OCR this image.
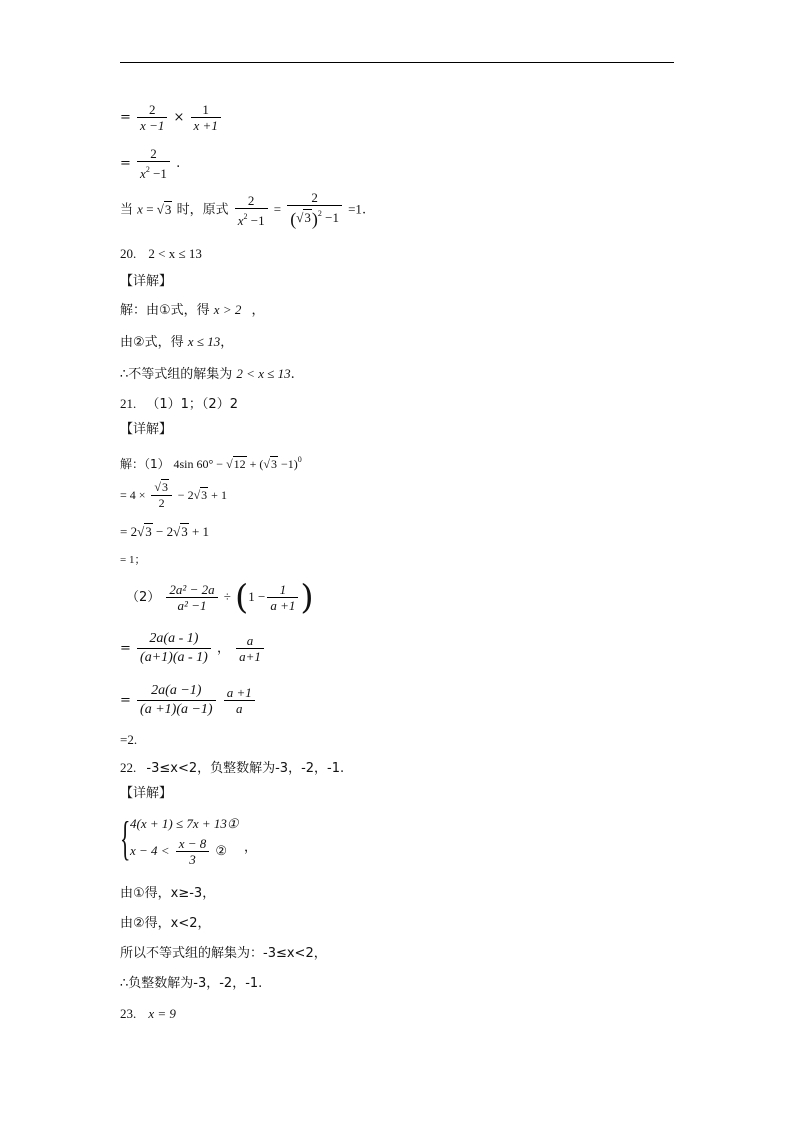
= $\frac{2}{x -1} \times \frac{1}{x +1}$
= $\frac{2}{x^2 -1}$ .
当 x = √3 时，原式 $\frac{2}{x^2 -1} = \frac{2}{(√3)^2 -1} =1$.
20. 2 < x ≤ 13
【详解】
解：由①式，得 x > 2 ，
由②式，得 x ≤ 13，
∴不等式组的解集为 2 < x ≤ 13.
21. （1）1；（2）2
【详解】
解：（1） 4sin $60^\circ - √12 + (√3 -1)^0$
= $4 \times \frac{√3}{2} - 2√3 + 1$
= 2√3 − 2√3 + 1
= 1；
$(2) \frac{\text{2a² − 2a}}{\text{a² −1}} \div (1 - \frac{1}{a +1}$ )
= $\frac{2a(a - 1)}{(a+1)(a - 1)}$ ， $\frac{a}{a+1}$
= $\frac{2a(a -1)}{(a +1)(a -1)}$
$\frac{a +1}{a}$
=2.
22. -3≤x<2，负整数解为-3，-2，-1.
【详解】
{ 4(x + 1) ≤ 7x + 13①
$x - 4 < \frac{x - 8}{3}$ ② ，
由①得，x≥-3，
由②得，x<2，
所以不等式组的解集为：-3≤x<2，
∴负整数解为-3，-2，-1.
23. x = 9
